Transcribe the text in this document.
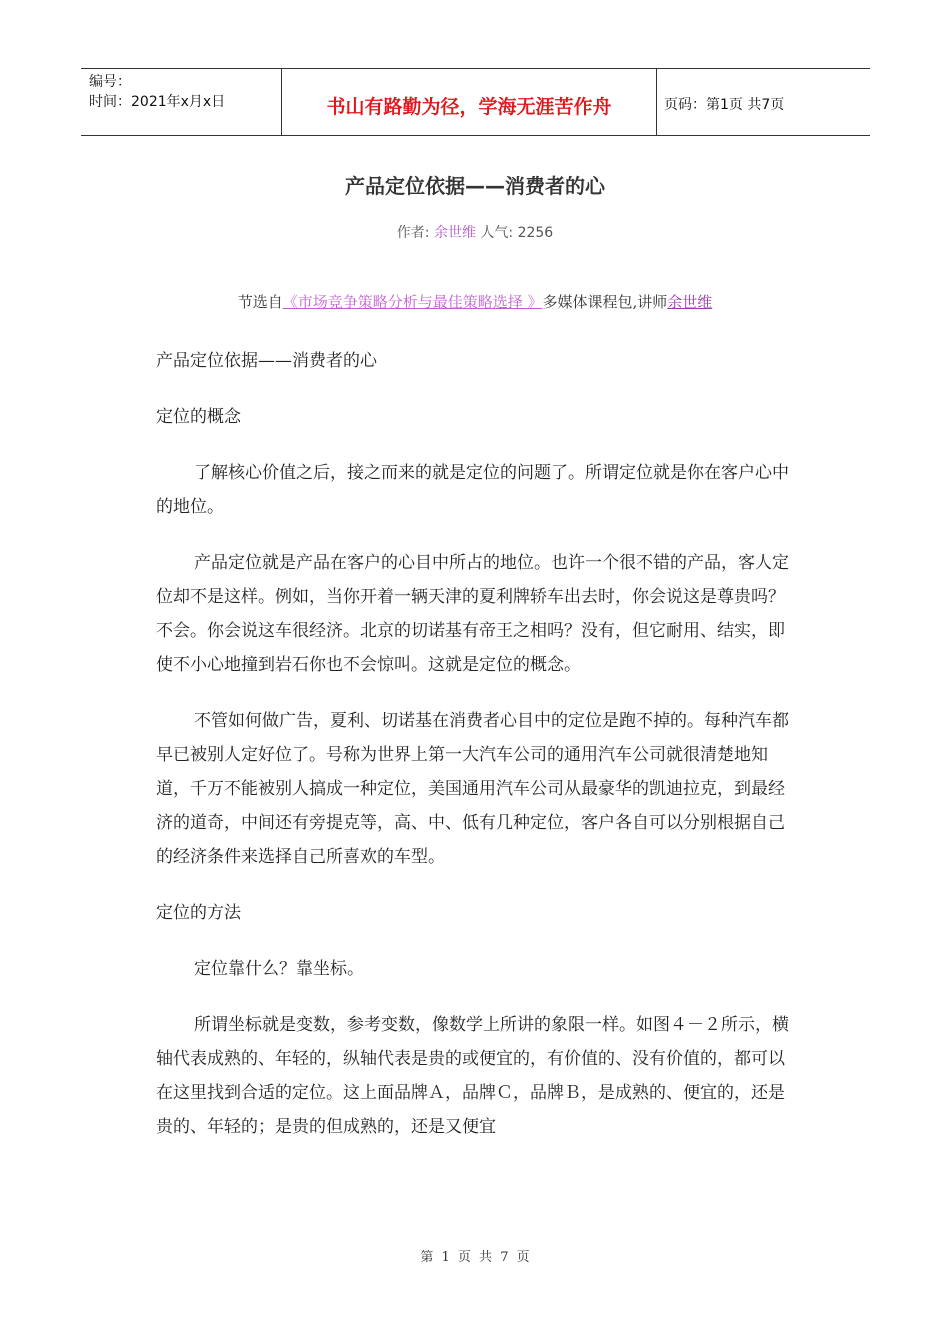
编号：
时间：2021年x月x日	书山有路勤为径，学海无涯苦作舟	页码：第1页 共7页
产品定位依据——消费者的心
作者: 余世维 人气: 2256
节选自《市场竞争策略分析与最佳策略选择 》多媒体课程包,讲师余世维

产品定位依据——消费者的心

定位的概念

了解核心价值之后，接之而来的就是定位的问题了。所谓定位就是你在客户心中的地位。

产品定位就是产品在客户的心目中所占的地位。也许一个很不错的产品，客人定位却不是这样。例如，当你开着一辆天津的夏利牌轿车出去时，你会说这是尊贵吗？不会。你会说这车很经济。北京的切诺基有帝王之相吗？没有，但它耐用、结实，即使不小心地撞到岩石你也不会惊叫。这就是定位的概念。

不管如何做广告，夏利、切诺基在消费者心目中的定位是跑不掉的。每种汽车都早已被别人定好位了。号称为世界上第一大汽车公司的通用汽车公司就很清楚地知道，千万不能被别人搞成一种定位，美国通用汽车公司从最豪华的凯迪拉克，到最经济的道奇，中间还有旁提克等，高、中、低有几种定位，客户各自可以分别根据自己的经济条件来选择自己所喜欢的车型。

定位的方法

定位靠什么？靠坐标。

所谓坐标就是变数，参考变数，像数学上所讲的象限一样。如图４－２所示，横轴代表成熟的、年轻的，纵轴代表是贵的或便宜的，有价值的、没有价值的，都可以在这里找到合适的定位。这上面品牌Ａ，品牌Ｃ，品牌Ｂ，是成熟的、便宜的，还是贵的、年轻的；是贵的但成熟的，还是又便宜

第 1 页 共 7 页
